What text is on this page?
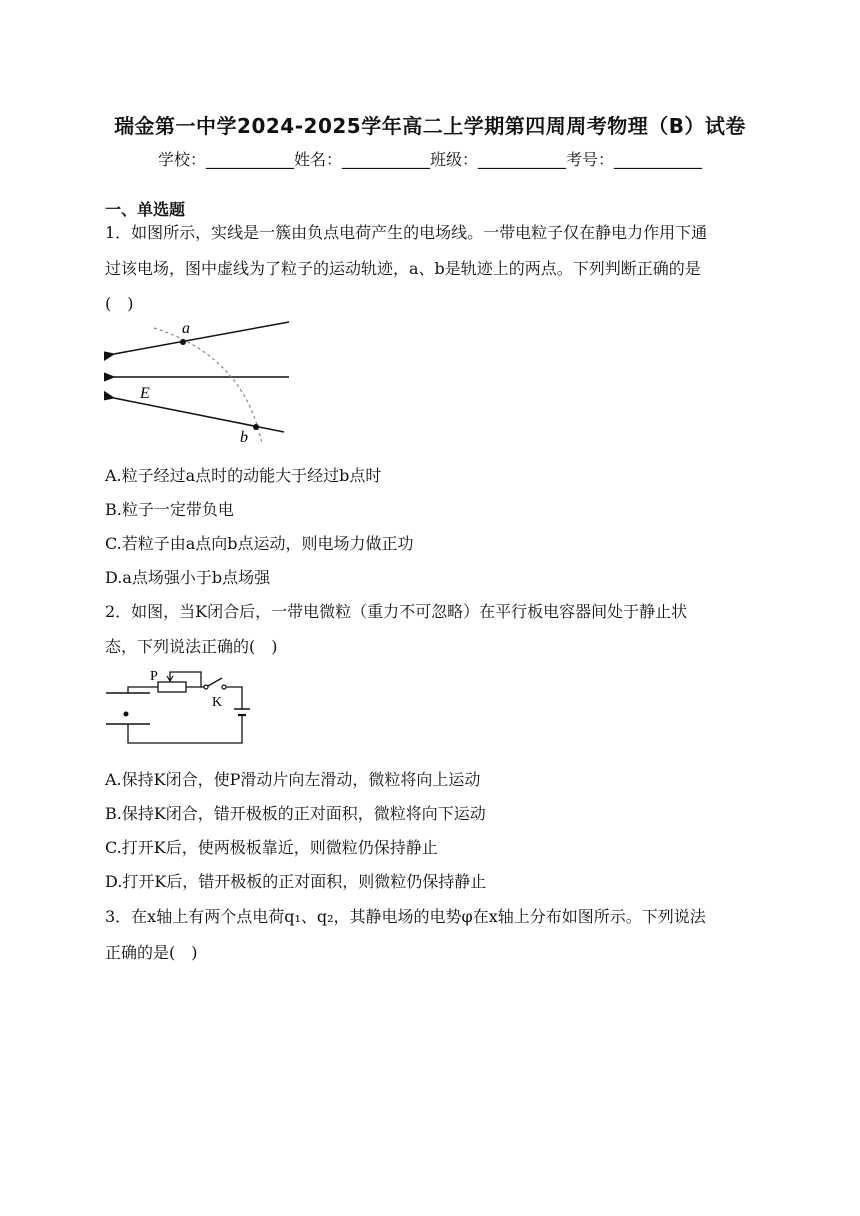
瑞金第一中学2024-2025学年高二上学期第四周周考物理（B）试卷
学校：___________姓名：___________班级：___________考号：___________
一、单选题
1．如图所示，实线是一簇由负点电荷产生的电场线。一带电粒子仅在静电力作用下通
过该电场，图中虚线为了粒子的运动轨迹，a、b是轨迹上的两点。下列判断正确的是
(　)
a
E
b
A.粒子经过a点时的动能大于经过b点时
B.粒子一定带负电
C.若粒子由a点向b点运动，则电场力做正功
D.a点场强小于b点场强
2．如图，当K闭合后，一带电微粒（重力不可忽略）在平行板电容器间处于静止状
态，下列说法正确的(　)
P
K
A.保持K闭合，使P滑动片向左滑动，微粒将向上运动
B.保持K闭合，错开极板的正对面积，微粒将向下运动
C.打开K后，使两极板靠近，则微粒仍保持静止
D.打开K后，错开极板的正对面积，则微粒仍保持静止
3．在x轴上有两个点电荷q₁、q₂，其静电场的电势φ在x轴上分布如图所示。下列说法
正确的是(　)
